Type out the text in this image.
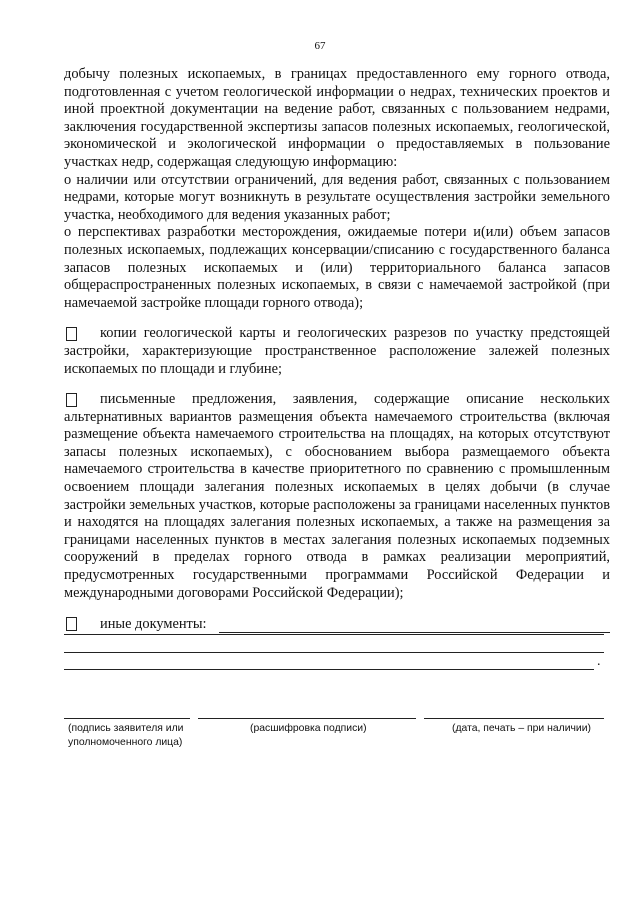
67

добычу полезных ископаемых, в границах предоставленного ему горного отвода, подготовленная с учетом геологической информации о недрах, технических проектов и иной проектной документации на ведение работ, связанных с пользованием недрами, заключения государственной экспертизы запасов полезных ископаемых, геологической, экономической и экологической информации о предоставляемых в пользование участках недр, содержащая следующую информацию:

о наличии или отсутствии ограничений, для ведения работ, связанных с пользованием недрами, которые могут возникнуть в результате осуществления застройки земельного участка, необходимого для ведения указанных работ;

о перспективах разработки месторождения, ожидаемые потери и(или) объем запасов полезных ископаемых, подлежащих консервации/списанию с государственного баланса запасов полезных ископаемых и (или) территориального баланса запасов общераспространенных полезных ископаемых, в связи с намечаемой застройкой (при намечаемой застройке площади горного отвода);

копии геологической карты и геологических разрезов по участку предстоящей застройки, характеризующие пространственное расположение залежей полезных ископаемых по площади и глубине;
письменные предложения, заявления, содержащие описание нескольких альтернативных вариантов размещения объекта намечаемого строительства (включая размещение объекта намечаемого строительства на площадях, на которых отсутствуют запасы полезных ископаемых), с обоснованием выбора размещаемого объекта намечаемого строительства в качестве приоритетного по сравнению с промышленным освоением площади залегания полезных ископаемых в целях добычи (в случае застройки земельных участков, которые расположены за границами населенных пунктов и находятся на площадях залегания полезных ископаемых, а также на размещения за границами населенных пунктов в местах залегания полезных ископаемых подземных сооружений в пределах горного отвода в рамках реализации мероприятий, предусмотренных государственными программами Российской Федерации и международными договорами Российской Федерации);
иные документы:
.
(подпись заявителя или уполномоченного лица)
(расшифровка подписи)	(дата, печать – при наличии)
